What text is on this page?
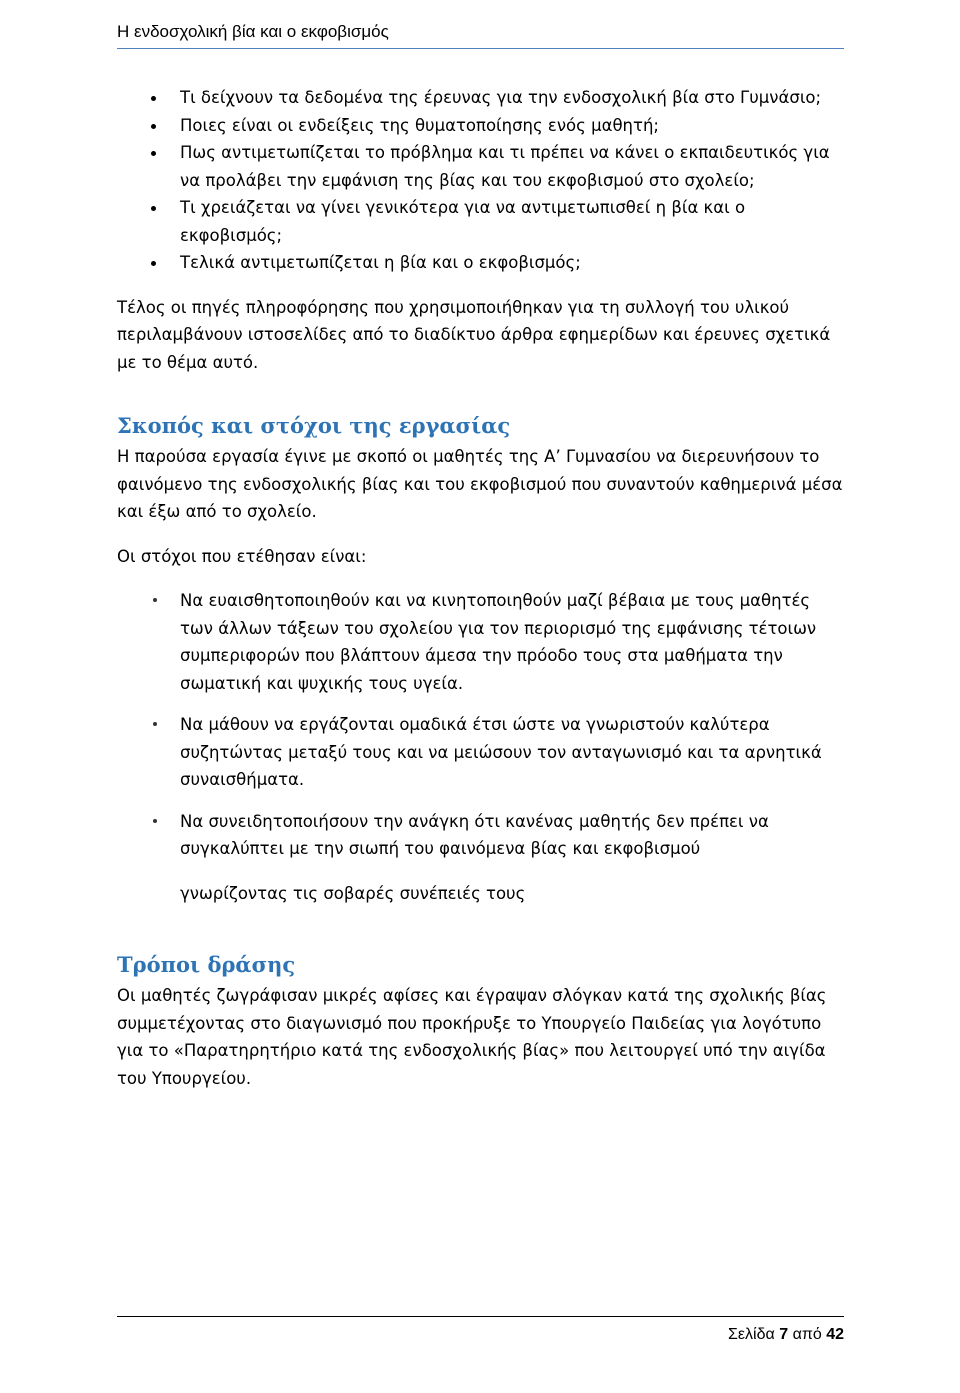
Η ενδοσχολική βία και ο εκφοβισμός
Τι δείχνουν τα δεδομένα της έρευνας για την ενδοσχολική βία στο Γυμνάσιο;
Ποιες είναι οι ενδείξεις της θυματοποίησης ενός μαθητή;
Πως αντιμετωπίζεται το πρόβλημα και τι πρέπει να κάνει ο εκπαιδευτικός για να προλάβει την εμφάνιση της βίας και του εκφοβισμού στο σχολείο;
Τι χρειάζεται να γίνει γενικότερα για να αντιμετωπισθεί η βία και ο εκφοβισμός;
Τελικά αντιμετωπίζεται η βία και ο εκφοβισμός;

Τέλος οι πηγές πληροφόρησης που χρησιμοποιήθηκαν για τη συλλογή του υλικού περιλαμβάνουν ιστοσελίδες από το διαδίκτυο άρθρα εφημερίδων και έρευνες σχετικά με το θέμα αυτό.

Σκοπός και στόχοι της εργασίας

Η παρούσα εργασία έγινε με σκοπό οι μαθητές της Α’ Γυμνασίου να διερευνήσουν το φαινόμενο της ενδοσχολικής βίας και του εκφοβισμού που συναντούν καθημερινά μέσα και έξω από το σχολείο.

Οι στόχοι που ετέθησαν είναι:

Να ευαισθητοποιηθούν και να κινητοποιηθούν μαζί βέβαια με τους μαθητές των άλλων τάξεων του σχολείου για τον περιορισμό της εμφάνισης τέτοιων συμπεριφορών που βλάπτουν άμεσα την πρόοδο τους στα μαθήματα την σωματική και ψυχικής τους υγεία.
Να μάθουν να εργάζονται ομαδικά έτσι ώστε να γνωριστούν καλύτερα συζητώντας μεταξύ τους και να μειώσουν τον ανταγωνισμό και τα αρνητικά συναισθήματα.
Να συνειδητοποιήσουν την ανάγκη ότι κανένας μαθητής δεν πρέπει να συγκαλύπτει με την σιωπή του φαινόμενα βίας και εκφοβισμού

γνωρίζοντας τις σοβαρές συνέπειές τους

Τρόποι δράσης

Οι μαθητές ζωγράφισαν μικρές αφίσες και έγραψαν σλόγκαν κατά της σχολικής βίας συμμετέχοντας στο διαγωνισμό που προκήρυξε το Υπουργείο Παιδείας για λογότυπο για το «Παρατηρητήριο κατά της ενδοσχολικής βίας» που λειτουργεί υπό την αιγίδα του Υπουργείου.

Σελίδα 7 από 42
